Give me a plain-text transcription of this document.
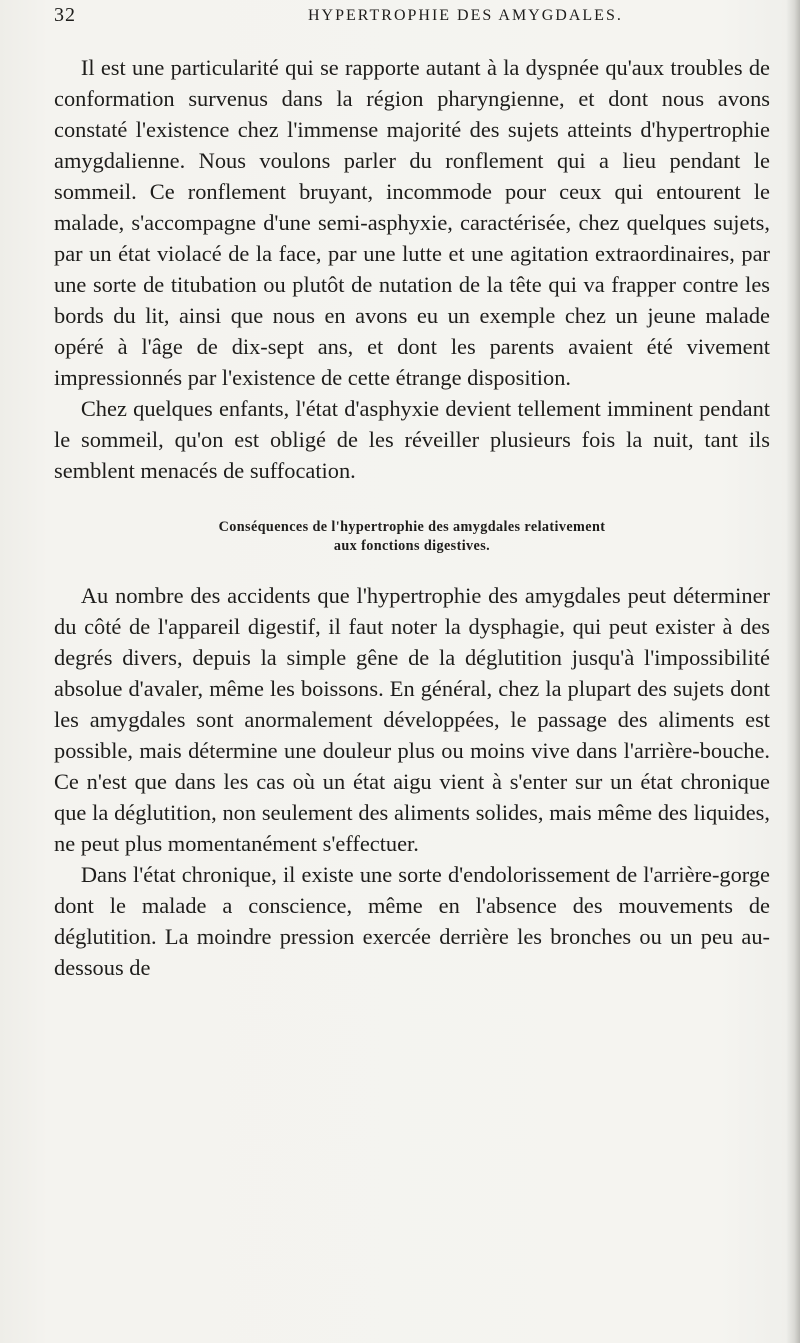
32	HYPERTROPHIE DES AMYGDALES.

Il est une particularité qui se rapporte autant à la dyspnée qu'aux troubles de conformation survenus dans la région pharyngienne, et dont nous avons constaté l'existence chez l'immense majorité des sujets atteints d'hypertrophie amygdalienne. Nous voulons parler du ronflement qui a lieu pendant le sommeil. Ce ronflement bruyant, incommode pour ceux qui entourent le malade, s'accompagne d'une semi-asphyxie, caractérisée, chez quelques sujets, par un état violacé de la face, par une lutte et une agitation extraordinaires, par une sorte de titubation ou plutôt de nutation de la tête qui va frapper contre les bords du lit, ainsi que nous en avons eu un exemple chez un jeune malade opéré à l'âge de dix-sept ans, et dont les parents avaient été vivement impressionnés par l'existence de cette étrange disposition.

Chez quelques enfants, l'état d'asphyxie devient tellement imminent pendant le sommeil, qu'on est obligé de les réveiller plusieurs fois la nuit, tant ils semblent menacés de suffocation.

Conséquences de l'hypertrophie des amygdales relativement
aux fonctions digestives.

Au nombre des accidents que l'hypertrophie des amygdales peut déterminer du côté de l'appareil digestif, il faut noter la dysphagie, qui peut exister à des degrés divers, depuis la simple gêne de la déglutition jusqu'à l'impossibilité absolue d'avaler, même les boissons. En général, chez la plupart des sujets dont les amygdales sont anormalement développées, le passage des aliments est possible, mais détermine une douleur plus ou moins vive dans l'arrière-bouche. Ce n'est que dans les cas où un état aigu vient à s'enter sur un état chronique que la déglutition, non seulement des aliments solides, mais même des liquides, ne peut plus momentanément s'effectuer.

Dans l'état chronique, il existe une sorte d'endolorissement de l'arrière-gorge dont le malade a conscience, même en l'absence des mouvements de déglutition. La moindre pression exercée derrière les bronches ou un peu au-dessous de
